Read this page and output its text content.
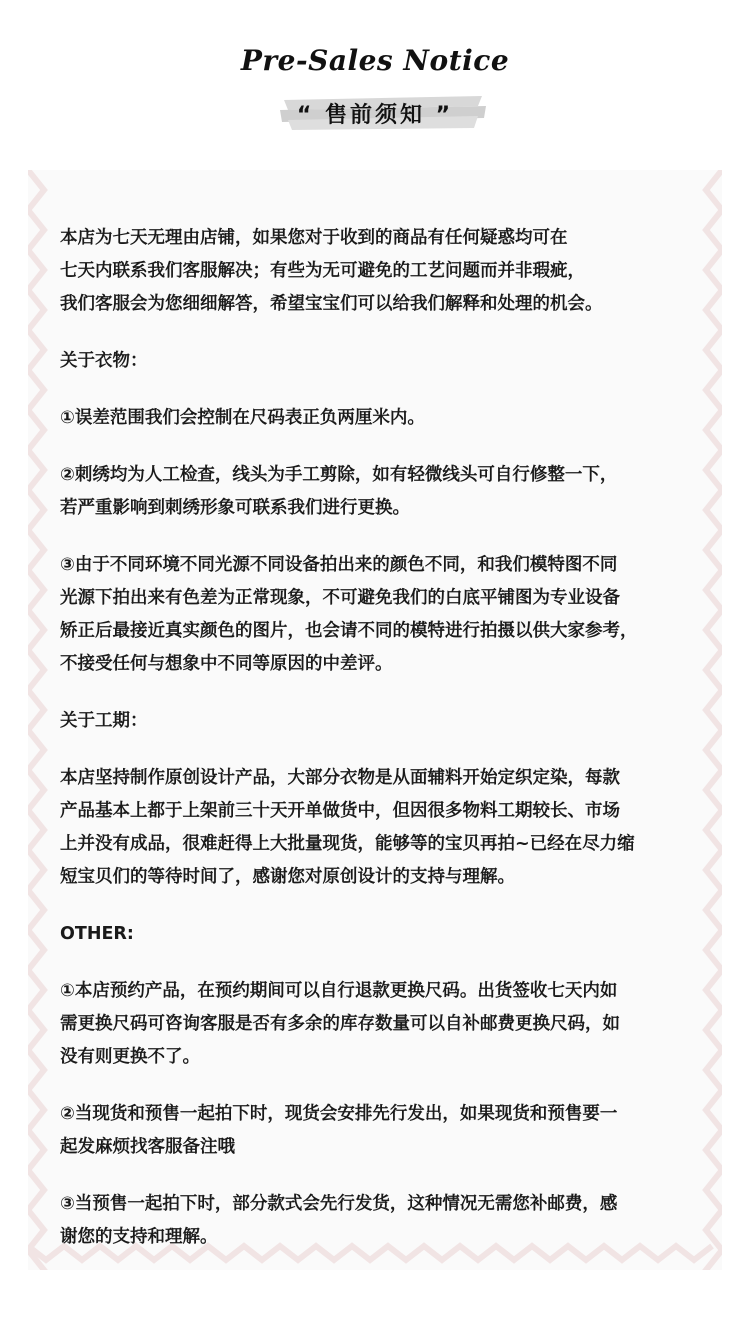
Pre-Sales Notice
“ 售前须知 ”

本店为七天无理由店铺，如果您对于收到的商品有任何疑惑均可在

七天内联系我们客服解决；有些为无可避免的工艺问题而并非瑕疵，

我们客服会为您细细解答，希望宝宝们可以给我们解释和处理的机会。

关于衣物：

①误差范围我们会控制在尺码表正负两厘米内。

②刺绣均为人工检查，线头为手工剪除，如有轻微线头可自行修整一下，

若严重影响到刺绣形象可联系我们进行更换。

③由于不同环境不同光源不同设备拍出来的颜色不同，和我们模特图不同

光源下拍出来有色差为正常现象，不可避免我们的白底平铺图为专业设备

矫正后最接近真实颜色的图片，也会请不同的模特进行拍摄以供大家参考，

不接受任何与想象中不同等原因的中差评。

关于工期：

本店坚持制作原创设计产品，大部分衣物是从面辅料开始定织定染，每款

产品基本上都于上架前三十天开单做货中，但因很多物料工期较长、市场

上并没有成品，很难赶得上大批量现货，能够等的宝贝再拍~已经在尽力缩

短宝贝们的等待时间了，感谢您对原创设计的支持与理解。

OTHER:

①本店预约产品，在预约期间可以自行退款更换尺码。出货签收七天内如

需更换尺码可咨询客服是否有多余的库存数量可以自补邮费更换尺码，如

没有则更换不了。

②当现货和预售一起拍下时，现货会安排先行发出，如果现货和预售要一

起发麻烦找客服备注哦

③当预售一起拍下时，部分款式会先行发货，这种情况无需您补邮费，感

谢您的支持和理解。
